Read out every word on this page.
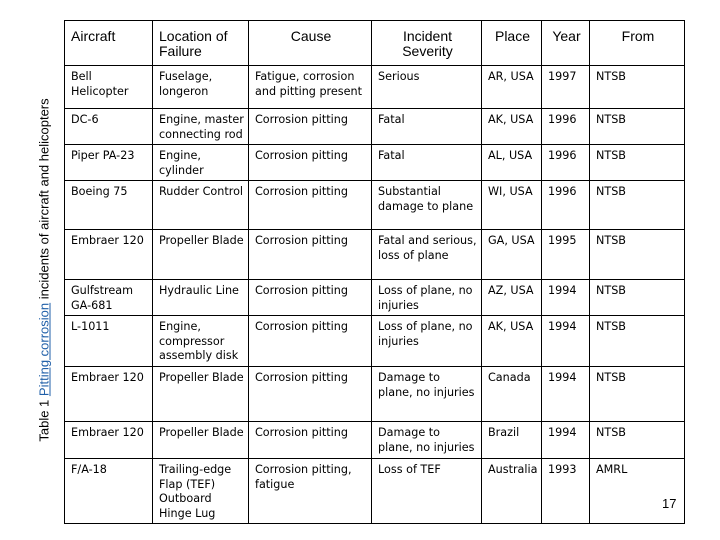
Table 1 Pitting corrosion incidents of aircraft and helicopters
Aircraft	Location of Failure	Cause	Incident Severity	Place	Year	From
Bell Helicopter	Fuselage, longeron	Fatigue, corrosion and pitting present	Serious	AR, USA	1997	NTSB
DC-6	Engine, master connecting rod	Corrosion pitting	Fatal	AK, USA	1996	NTSB
Piper PA-23	Engine, cylinder	Corrosion pitting	Fatal	AL, USA	1996	NTSB
Boeing 75	Rudder Control	Corrosion pitting	Substantial damage to plane	WI, USA	1996	NTSB
Embraer 120	Propeller Blade	Corrosion pitting	Fatal and serious, loss of plane	GA, USA	1995	NTSB
Gulfstream GA-681	Hydraulic Line	Corrosion pitting	Loss of plane, no injuries	AZ, USA	1994	NTSB
L-1011	Engine, compressor assembly disk	Corrosion pitting	Loss of plane, no injuries	AK, USA	1994	NTSB
Embraer 120	Propeller Blade	Corrosion pitting	Damage to plane, no injuries	Canada	1994	NTSB
Embraer 120	Propeller Blade	Corrosion pitting	Damage to plane, no injuries	Brazil	1994	NTSB
F/A-18	Trailing-edge Flap (TEF) Outboard Hinge Lug	Corrosion pitting, fatigue	Loss of TEF	Australia	1993	AMRL
17
